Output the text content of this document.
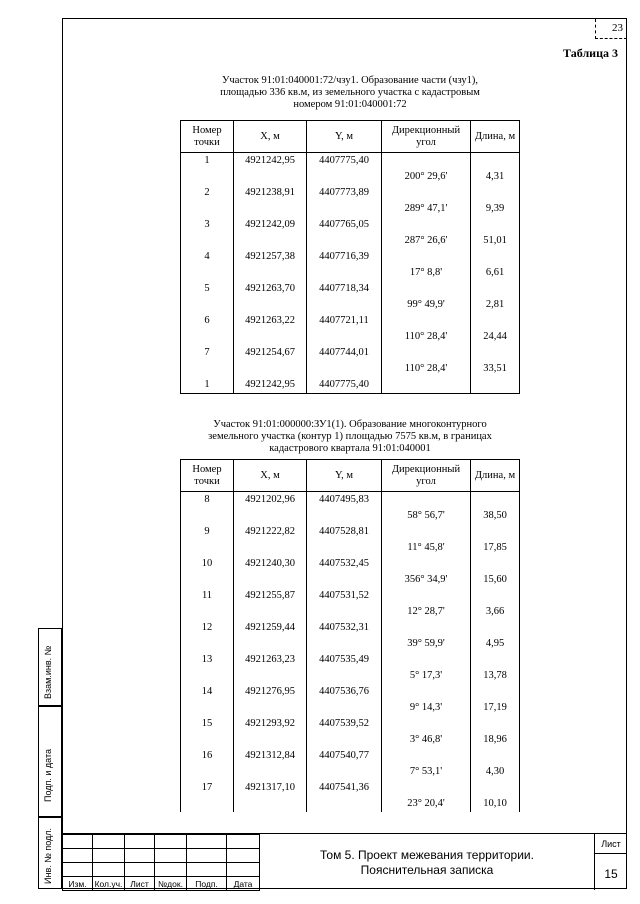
23
Таблица 3
Участок 91:01:040001:72/чзу1. Образование части (чзу1),
площадью 336 кв.м, из земельного участка с кадастровым
номером 91:01:040001:72
Номер точки	X, м	Y, м	Дирекционный угол	Длина, м
1	4921242,95	4407775,40		
			200° 29,6'	4,31
2	4921238,91	4407773,89		
			289° 47,1'	9,39
3	4921242,09	4407765,05		
			287° 26,6'	51,01
4	4921257,38	4407716,39		
			17° 8,8'	6,61
5	4921263,70	4407718,34		
			99° 49,9'	2,81
6	4921263,22	4407721,11		
			110° 28,4'	24,44
7	4921254,67	4407744,01		
			110° 28,4'	33,51
1	4921242,95	4407775,40		
Участок 91:01:000000:ЗУ1(1). Образование многоконтурного
земельного участка (контур 1) площадью 7575 кв.м, в границах
кадастрового квартала 91:01:040001
Номер точки	X, м	Y, м	Дирекционный угол	Длина, м
8	4921202,96	4407495,83		
			58° 56,7'	38,50
9	4921222,82	4407528,81		
			11° 45,8'	17,85
10	4921240,30	4407532,45		
			356° 34,9'	15,60
11	4921255,87	4407531,52		
			12° 28,7'	3,66
12	4921259,44	4407532,31		
			39° 59,9'	4,95
13	4921263,23	4407535,49		
			5° 17,3'	13,78
14	4921276,95	4407536,76		
			9° 14,3'	17,19
15	4921293,92	4407539,52		
			3° 46,8'	18,96
16	4921312,84	4407540,77		
			7° 53,1'	4,30
17	4921317,10	4407541,36		
			23° 20,4'	10,10
Взам.инв. №
Подп. и дата
Инв. № подл.

					Изм.	Кол.уч.	Лист	№док.	Подп.	Дата
Том 5. Проект межевания территории.
Пояснительная записка
Лист
15
